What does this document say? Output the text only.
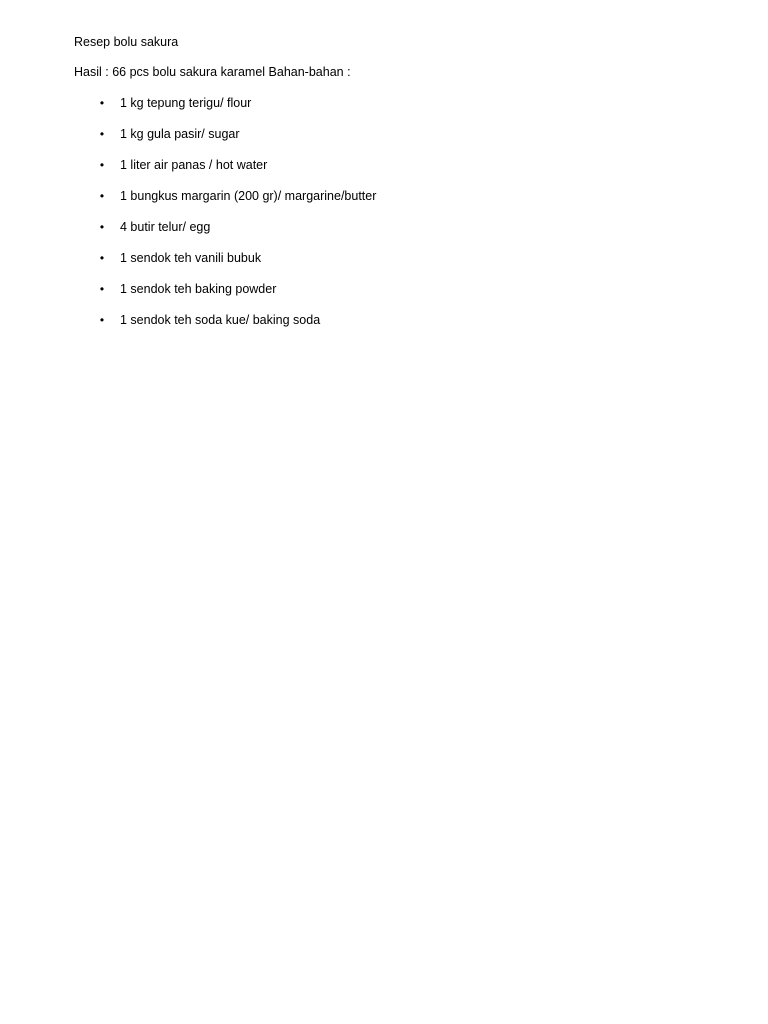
Resep bolu sakura

Hasil : 66 pcs bolu sakura karamel Bahan-bahan :

• 1 kg tepung terigu/ flour
• 1 kg gula pasir/ sugar
• 1 liter air panas / hot water
• 1 bungkus margarin (200 gr)/ margarine/butter
• 4 butir telur/ egg
• 1 sendok teh vanili bubuk
• 1 sendok teh baking powder
• 1 sendok teh soda kue/ baking soda
